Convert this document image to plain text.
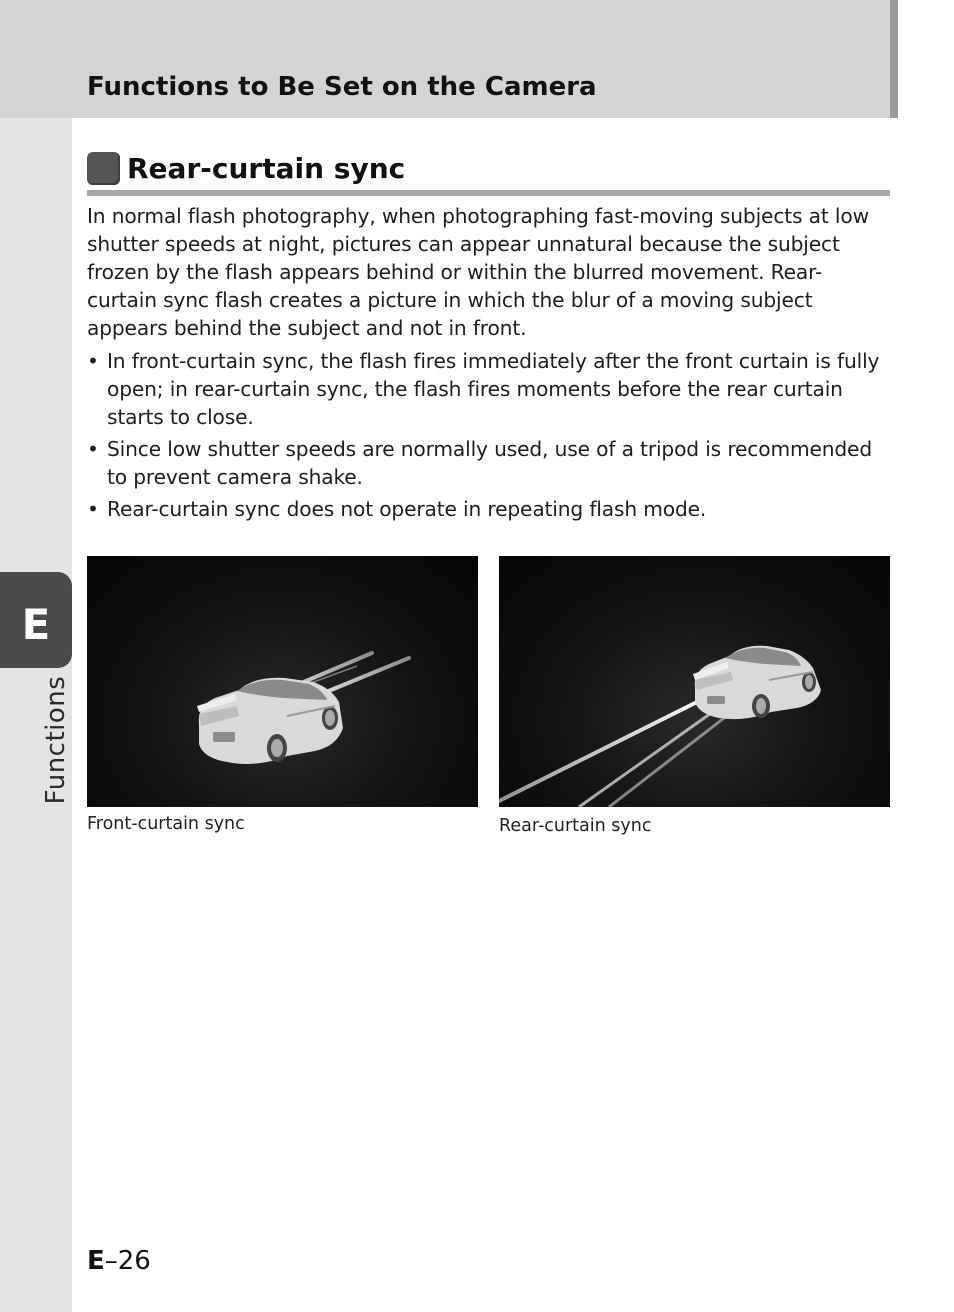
Functions to Be Set on the Camera
Rear-curtain sync

In normal flash photography, when photographing fast-moving subjects at low shutter speeds at night, pictures can appear unnatural because the subject frozen by the flash appears behind or within the blurred movement. Rear-curtain sync flash creates a picture in which the blur of a moving subject appears behind the subject and not in front.

• In front-curtain sync, the flash fires immediately after the front curtain is fully open; in rear-curtain sync, the flash fires moments before the rear curtain starts to close.
• Since low shutter speeds are normally used, use of a tripod is recommended to prevent camera shake.
• Rear-curtain sync does not operate in repeating flash mode.

Front-curtain sync	Rear-curtain sync

E

Functions

E–26
